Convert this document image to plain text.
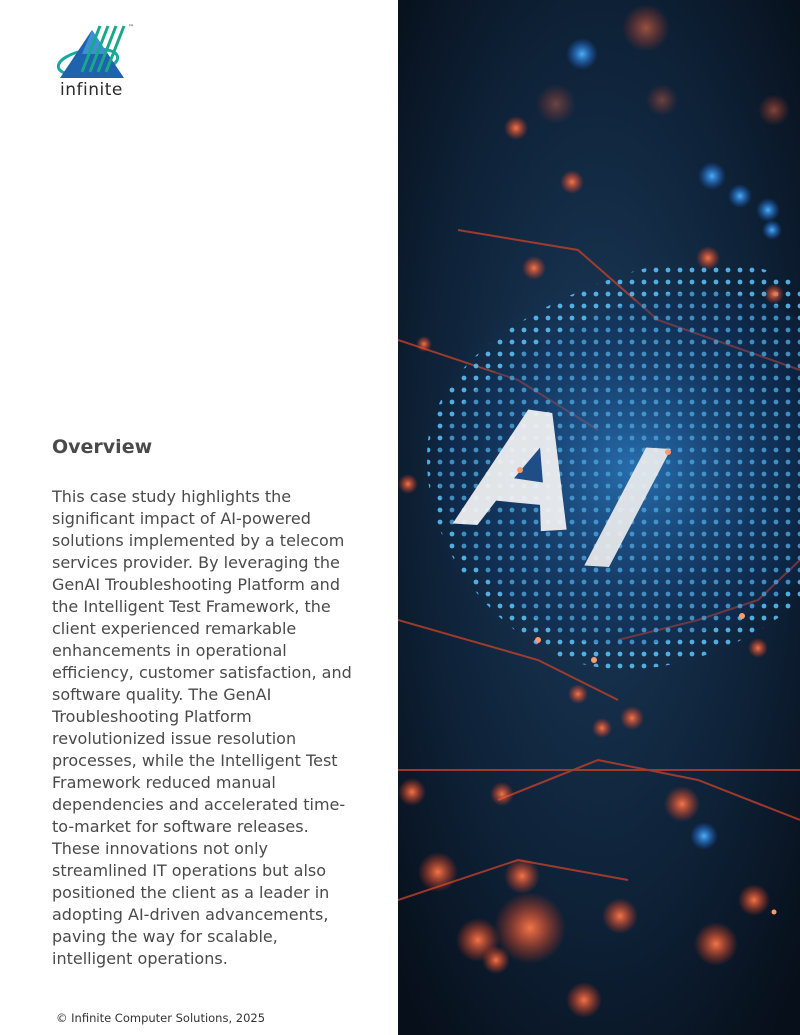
™
infinite
Overview

This case study highlights the significant impact of AI-powered solutions implemented by a telecom services provider. By leveraging the GenAI Troubleshooting Platform and the Intelligent Test Framework, the client experienced remarkable enhancements in operational efficiency, customer satisfaction, and software quality. The GenAI Troubleshooting Platform revolutionized issue resolution processes, while the Intelligent Test Framework reduced manual dependencies and accelerated time-to-market for software releases. These innovations not only streamlined IT operations but also positioned the client as a leader in adopting AI-driven advancements, paving the way for scalable, intelligent operations.

© Infinite Computer Solutions, 2025
